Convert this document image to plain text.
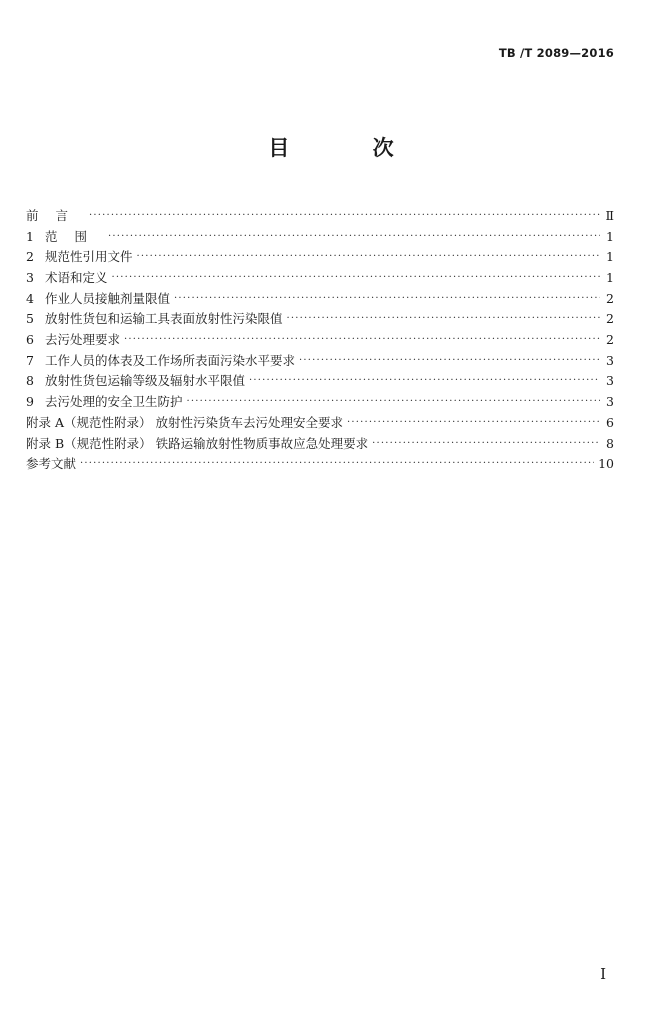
TB /T 2089—2016
目 次
前言 ·····	Ⅱ
1 范围 ·····	1
2 规范性引用文件 ·····	1
3 术语和定义 ·····	1
4 作业人员接触剂量限值 ·····	2
5 放射性货包和运输工具表面放射性污染限值 ·····	2
6 去污处理要求 ·····	2
7 工作人员的体表及工作场所表面污染水平要求 ·····	3
8 放射性货包运输等级及辐射水平限值 ·····	3
9 去污处理的安全卫生防护 ·····	3
附录 A（规范性附录） 放射性污染货车去污处理安全要求 ·····	6
附录 B（规范性附录） 铁路运输放射性物质事故应急处理要求 ·····	8
参考文献 ·····	10
I
